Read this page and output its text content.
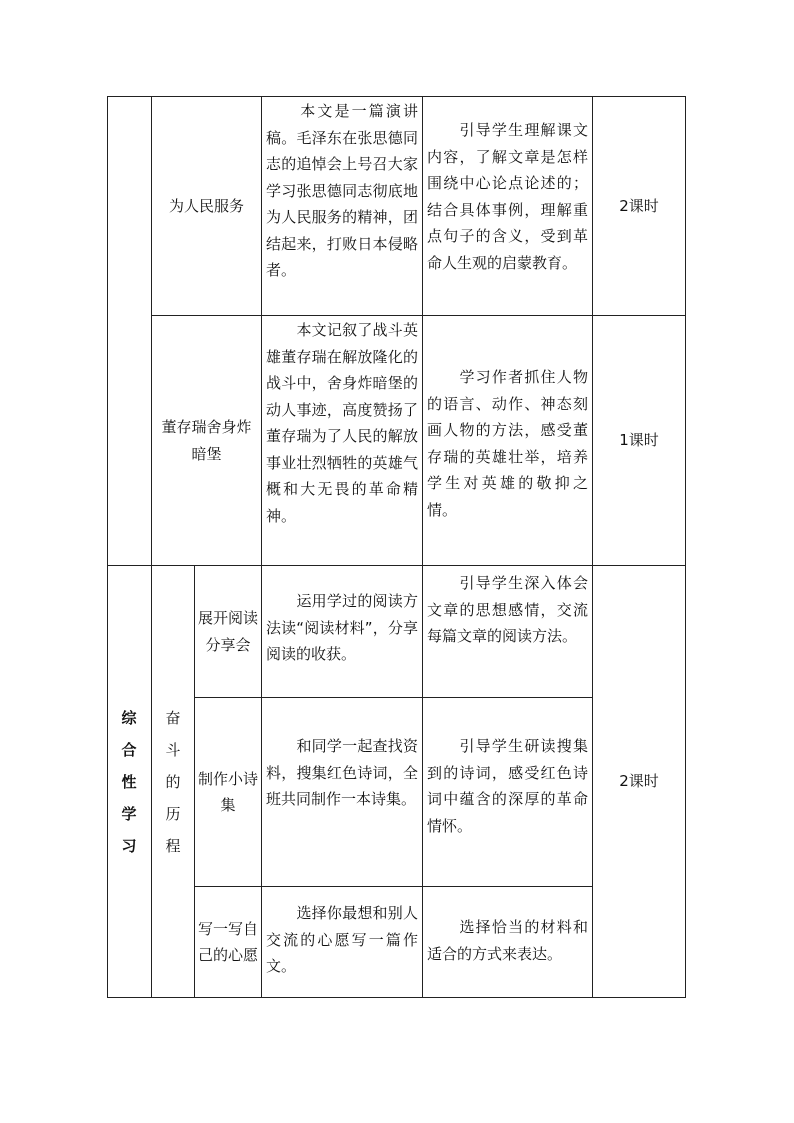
为人民服务
　　本文是一篇演讲稿。毛泽东在张思德同志的追悼会上号召大家学习张思德同志彻底地为人民服务的精神，团结起来，打败日本侵略者。
　　引导学生理解课文内容，了解文章是怎样围绕中心论点论述的；结合具体事例，理解重点句子的含义，受到革命人生观的启蒙教育。
2课时
董存瑞舍身炸暗堡
　　本文记叙了战斗英雄董存瑞在解放隆化的战斗中，舍身炸暗堡的动人事迹，高度赞扬了董存瑞为了人民的解放事业壮烈牺牲的英雄气概和大无畏的革命精神。
　　学习作者抓住人物的语言、动作、神态刻画人物的方法，感受董存瑞的英雄壮举，培养学生对英雄的敬抑之情。
1课时
综
合
性
学
习
奋
斗
的
历
程
展开阅读分享会
　　运用学过的阅读方法读“阅读材料”，分享阅读的收获。
　　引导学生深入体会文章的思想感情，交流每篇文章的阅读方法。
制作小诗集
　　和同学一起查找资料，搜集红色诗词，全班共同制作一本诗集。
　　引导学生研读搜集到的诗词，感受红色诗词中蕴含的深厚的革命情怀。
写一写自己的心愿
　　选择你最想和别人交流的心愿写一篇作文。
　　选择恰当的材料和适合的方式来表达。
2课时
